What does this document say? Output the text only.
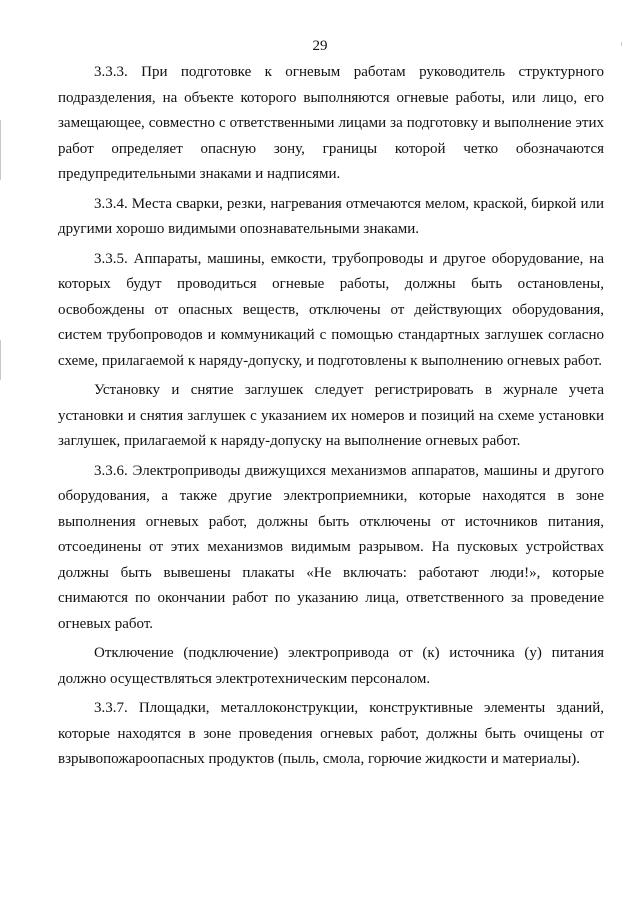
29

3.3.3. При подготовке к огневым работам руководитель структурного подразделения, на объекте которого выполняются огневые работы, или лицо, его замещающее, совместно с ответственными лицами за подготовку и выполнение этих работ определяет опасную зону, границы которой четко обозначаются предупредительными знаками и надписями.

3.3.4. Места сварки, резки, нагревания отмечаются мелом, краской, биркой или другими хорошо видимыми опознавательными знаками.

3.3.5. Аппараты, машины, емкости, трубопроводы и другое оборудование, на которых будут проводиться огневые работы, должны быть остановлены, освобождены от опасных веществ, отключены от действующих оборудования, систем трубопроводов и коммуникаций с помощью стандартных заглушек согласно схеме, прилагаемой к наряду-допуску, и подготовлены к выполнению огневых работ.

Установку и снятие заглушек следует регистрировать в журнале учета установки и снятия заглушек с указанием их номеров и позиций на схеме установки заглушек, прилагаемой к наряду-допуску на выполнение огневых работ.

3.3.6. Электроприводы движущихся механизмов аппаратов, машины и другого оборудования, а также другие электроприемники, которые находятся в зоне выполнения огневых работ, должны быть отключены от источников питания, отсоединены от этих механизмов видимым разрывом. На пусковых устройствах должны быть вывешены плакаты «Не включать: работают люди!», которые снимаются по окончании работ по указанию лица, ответственного за проведение огневых работ.

Отключение (подключение) электропривода от (к) источника (у) питания должно осуществляться электротехническим персоналом.

3.3.7. Площадки, металлоконструкции, конструктивные элементы зданий, которые находятся в зоне проведения огневых работ, должны быть очищены от взрывопожароопасных продуктов (пыль, смола, горючие жидкости и материалы).
